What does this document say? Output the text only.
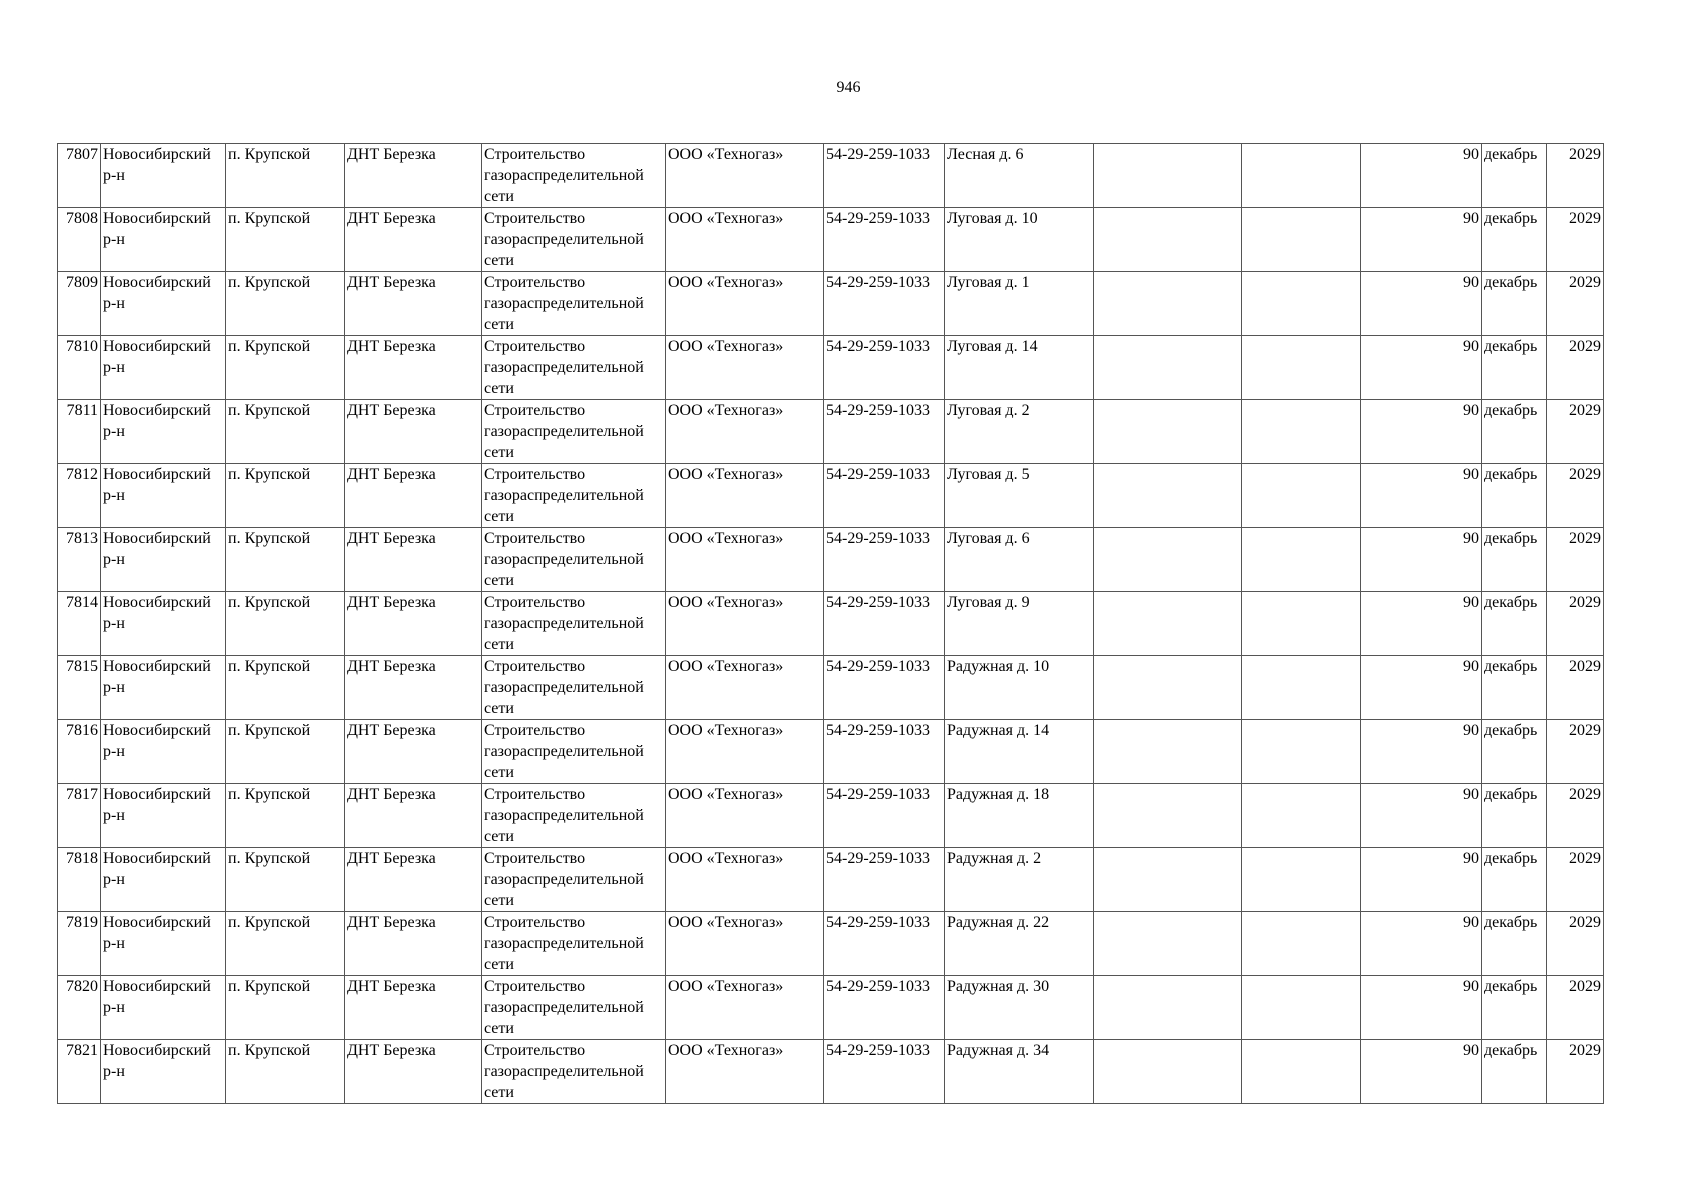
946
7807	Новосибирский р-н	п. Крупской	ДНТ Березка	Строительство газораспределительной сети	ООО «Техногаз»	54-29-259-1033	Лесная д. 6			90	декабрь	2029
7808	Новосибирский р-н	п. Крупской	ДНТ Березка	Строительство газораспределительной сети	ООО «Техногаз»	54-29-259-1033	Луговая д. 10			90	декабрь	2029
7809	Новосибирский р-н	п. Крупской	ДНТ Березка	Строительство газораспределительной сети	ООО «Техногаз»	54-29-259-1033	Луговая д. 1			90	декабрь	2029
7810	Новосибирский р-н	п. Крупской	ДНТ Березка	Строительство газораспределительной сети	ООО «Техногаз»	54-29-259-1033	Луговая д. 14			90	декабрь	2029
7811	Новосибирский р-н	п. Крупской	ДНТ Березка	Строительство газораспределительной сети	ООО «Техногаз»	54-29-259-1033	Луговая д. 2			90	декабрь	2029
7812	Новосибирский р-н	п. Крупской	ДНТ Березка	Строительство газораспределительной сети	ООО «Техногаз»	54-29-259-1033	Луговая д. 5			90	декабрь	2029
7813	Новосибирский р-н	п. Крупской	ДНТ Березка	Строительство газораспределительной сети	ООО «Техногаз»	54-29-259-1033	Луговая д. 6			90	декабрь	2029
7814	Новосибирский р-н	п. Крупской	ДНТ Березка	Строительство газораспределительной сети	ООО «Техногаз»	54-29-259-1033	Луговая д. 9			90	декабрь	2029
7815	Новосибирский р-н	п. Крупской	ДНТ Березка	Строительство газораспределительной сети	ООО «Техногаз»	54-29-259-1033	Радужная д. 10			90	декабрь	2029
7816	Новосибирский р-н	п. Крупской	ДНТ Березка	Строительство газораспределительной сети	ООО «Техногаз»	54-29-259-1033	Радужная д. 14			90	декабрь	2029
7817	Новосибирский р-н	п. Крупской	ДНТ Березка	Строительство газораспределительной сети	ООО «Техногаз»	54-29-259-1033	Радужная д. 18			90	декабрь	2029
7818	Новосибирский р-н	п. Крупской	ДНТ Березка	Строительство газораспределительной сети	ООО «Техногаз»	54-29-259-1033	Радужная д. 2			90	декабрь	2029
7819	Новосибирский р-н	п. Крупской	ДНТ Березка	Строительство газораспределительной сети	ООО «Техногаз»	54-29-259-1033	Радужная д. 22			90	декабрь	2029
7820	Новосибирский р-н	п. Крупской	ДНТ Березка	Строительство газораспределительной сети	ООО «Техногаз»	54-29-259-1033	Радужная д. 30			90	декабрь	2029
7821	Новосибирский р-н	п. Крупской	ДНТ Березка	Строительство газораспределительной сети	ООО «Техногаз»	54-29-259-1033	Радужная д. 34			90	декабрь	2029
